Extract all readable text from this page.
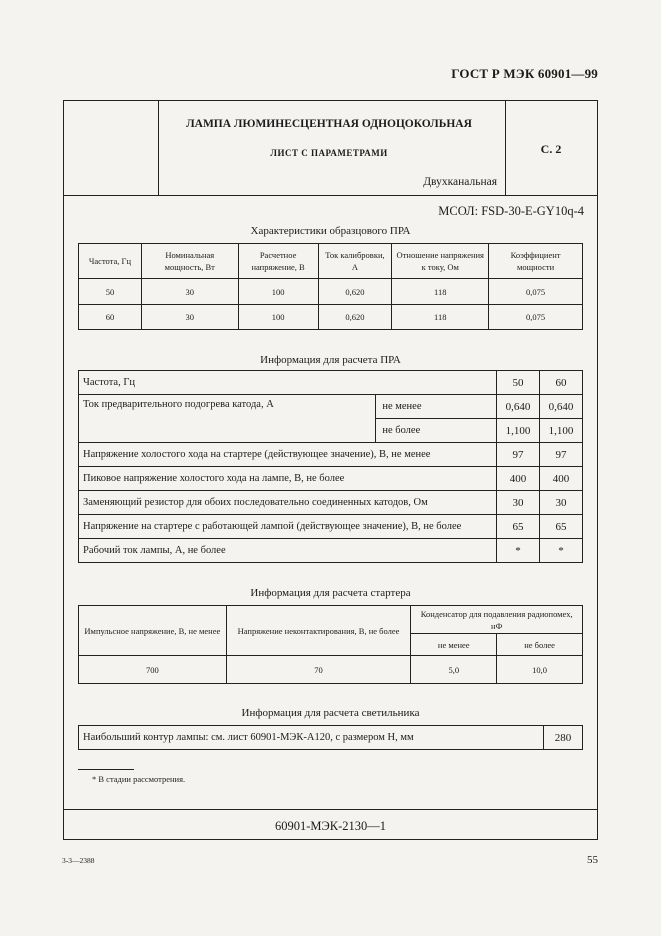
ГОСТ Р МЭК 60901—99
ЛАМПА ЛЮМИНЕСЦЕНТНАЯ ОДНОЦОКОЛЬНАЯ
ЛИСТ С ПАРАМЕТРАМИ	С. 2
Двухканальная
МСОЛ: FSD-30-E-GY10q-4
Характеристики образцового ПРА
Частота, Гц	Номинальная мощность, Вт	Расчетное напряжение, В	Ток калибровки, А	Отношение напряжения к току, Ом	Коэффициент мощности
50	30	100	0,620	118	0,075
60	30	100	0,620	118	0,075
Информация для расчета ПРА
Частота, Гц		50	60
Ток предварительного подогрева катода, А	не менее	0,640	0,640
	не более	1,100	1,100
Напряжение холостого хода на стартере (действующее значение), В, не менее		97	97
Пиковое напряжение холостого хода на лампе, В, не более		400	400
Заменяющий резистор для обоих последовательно соединенных катодов, Ом		30	30
Напряжение на стартере с работающей лампой (действующее значение), В, не более		65	65
Рабочий ток лампы, А, не более		*	*
Информация для расчета стартера
Импульсное напряжение, В, не менее	Напряжение неконтактирования, В, не более	Конденсатор для подавления радиопомех, нФ	
		не менее	не более
700	70	5,0	10,0
Информация для расчета светильника
Наибольший контур лампы: см. лист 60901-МЭК-А120, с размером Н, мм	280
* В стадии рассмотрения.
60901-МЭК-2130—1
3-3—2388	55
